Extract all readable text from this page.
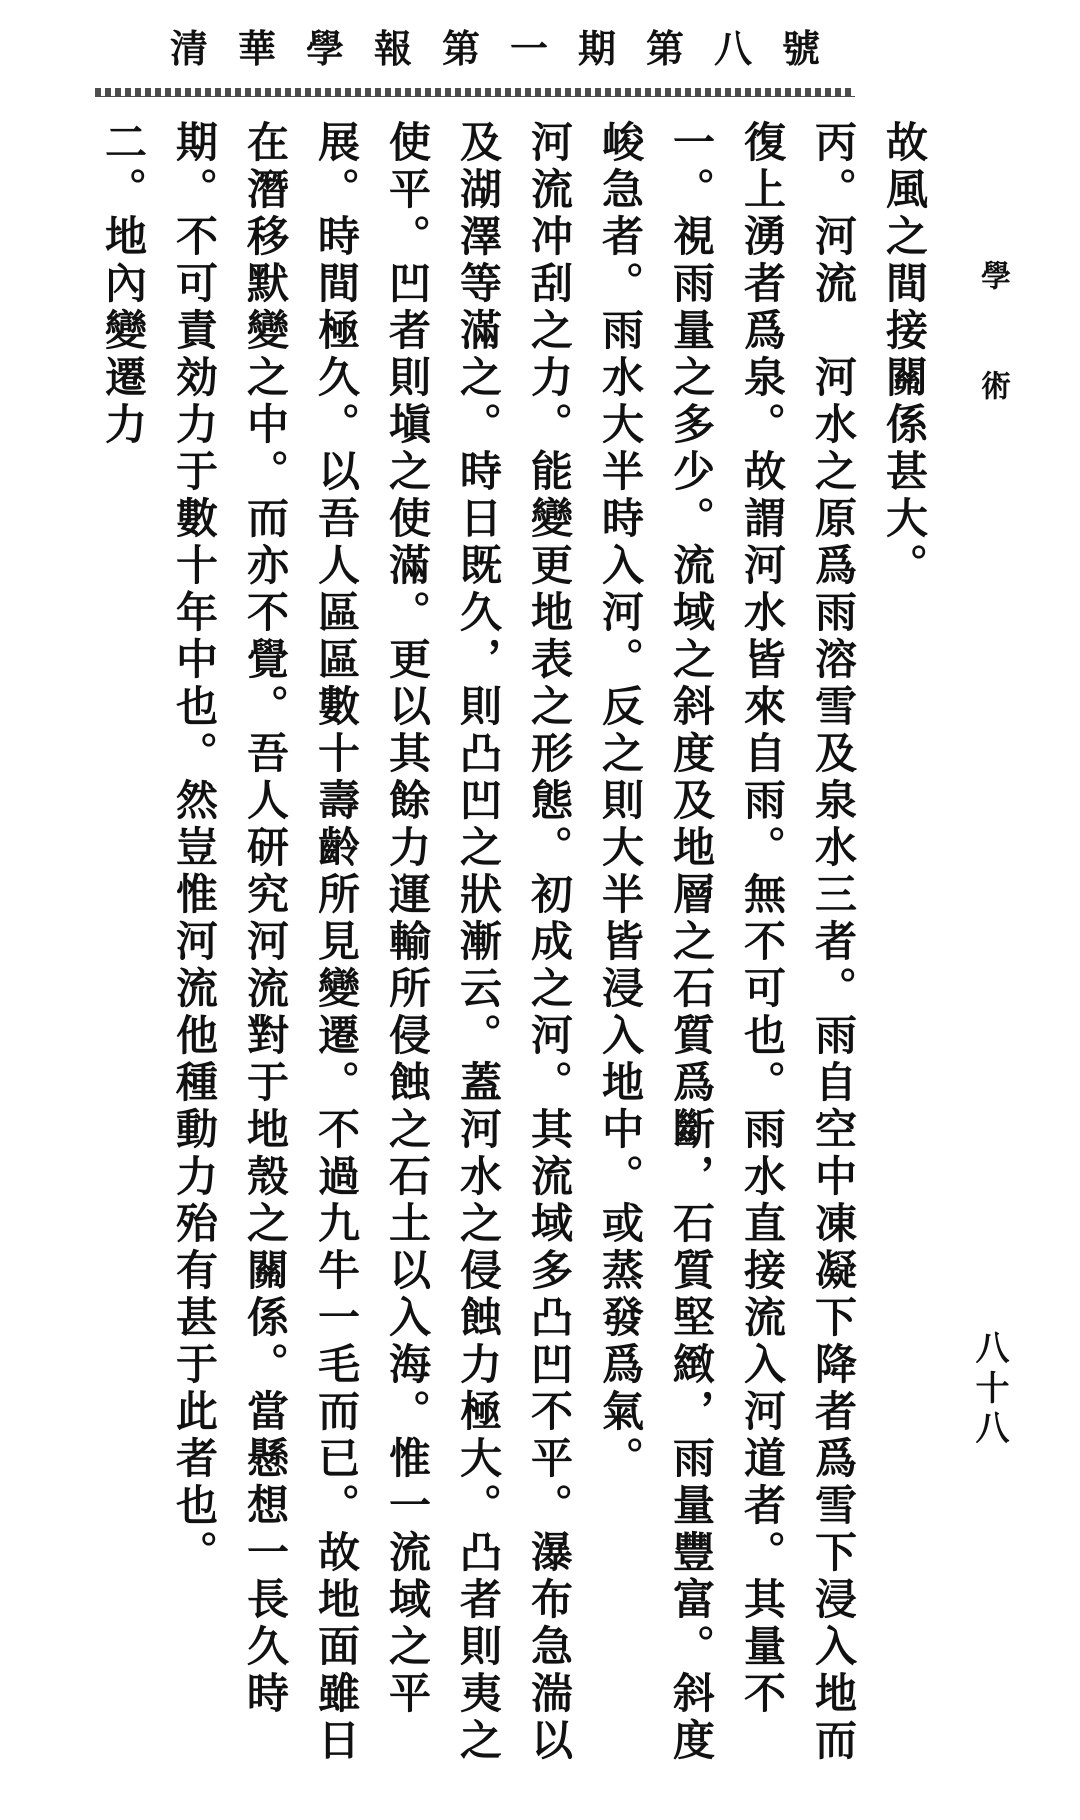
清華學報第一期第八號
學術
八十八

故風之間接關係甚大。

丙。河流　河水之原爲雨溶雪及泉水三者。雨自空中凍凝下降者爲雪下浸入地而復上湧者爲泉。故謂河水皆來自雨。無不可也。雨水直接流入河道者。其量不一。視雨量之多少。流域之斜度及地層之石質爲斷，石質堅緻，雨量豐富。斜度峻急者。雨水大半時入河。反之則大半皆浸入地中。或蒸發爲氣。

河流冲刮之力。能變更地表之形態。初成之河。其流域多凸凹不平。瀑布急湍以及湖澤等滿之。時日既久，則凸凹之狀漸云。蓋河水之侵蝕力極大。凸者則夷之使平。凹者則塡之使滿。更以其餘力運輸所侵蝕之石土以入海。惟一流域之平展。時間極久。以吾人區區數十壽齡所見變遷。不過九牛一毛而已。故地面雖日在潛移默變之中。而亦不覺。吾人研究河流對于地殼之關係。當懸想一長久時期。不可責効力于數十年中也。然豈惟河流他種動力殆有甚于此者也。

二。地內變遷力
